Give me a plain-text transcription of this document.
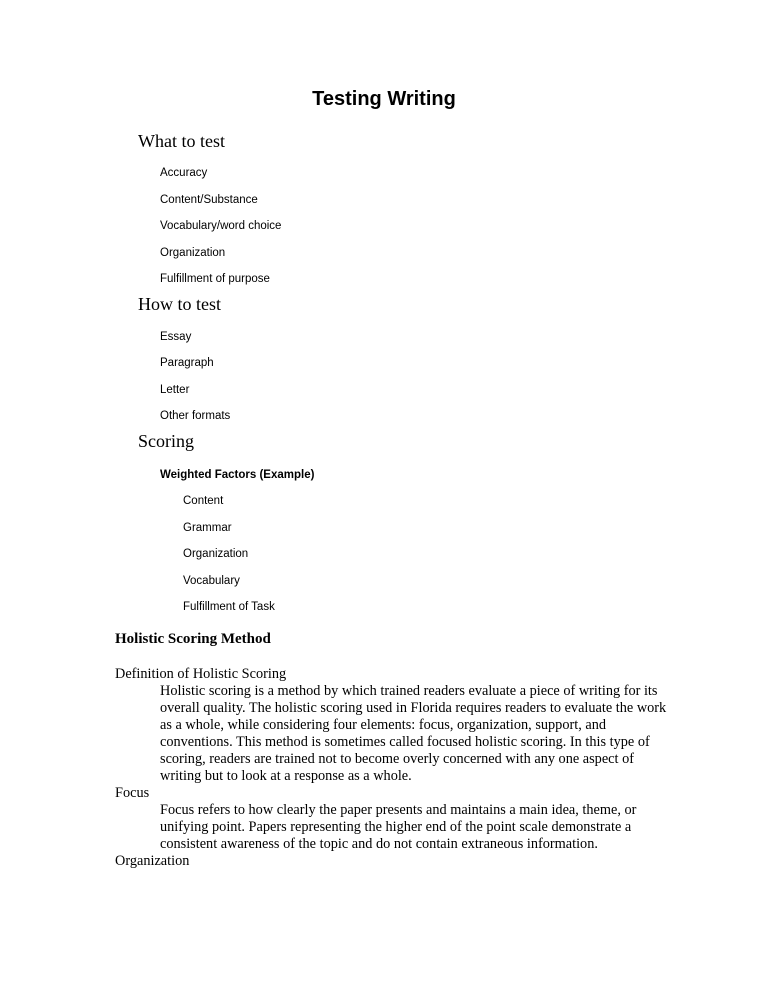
Testing Writing
What to test
Accuracy
Content/Substance
Vocabulary/word choice
Organization
Fulfillment of purpose
How to test
Essay
Paragraph
Letter
Other formats
Scoring
Weighted Factors (Example)
Content
Grammar
Organization
Vocabulary
Fulfillment of Task
Holistic Scoring Method

Definition of Holistic Scoring

Holistic scoring is a method by which trained readers evaluate a piece of writing for its overall quality. The holistic scoring used in Florida requires readers to evaluate the work as a whole, while considering four elements: focus, organization, support, and conventions. This method is sometimes called focused holistic scoring. In this type of scoring, readers are trained not to become overly concerned with any one aspect of writing but to look at a response as a whole.

Focus

Focus refers to how clearly the paper presents and maintains a main idea, theme, or unifying point. Papers representing the higher end of the point scale demonstrate a consistent awareness of the topic and do not contain extraneous information.

Organization
